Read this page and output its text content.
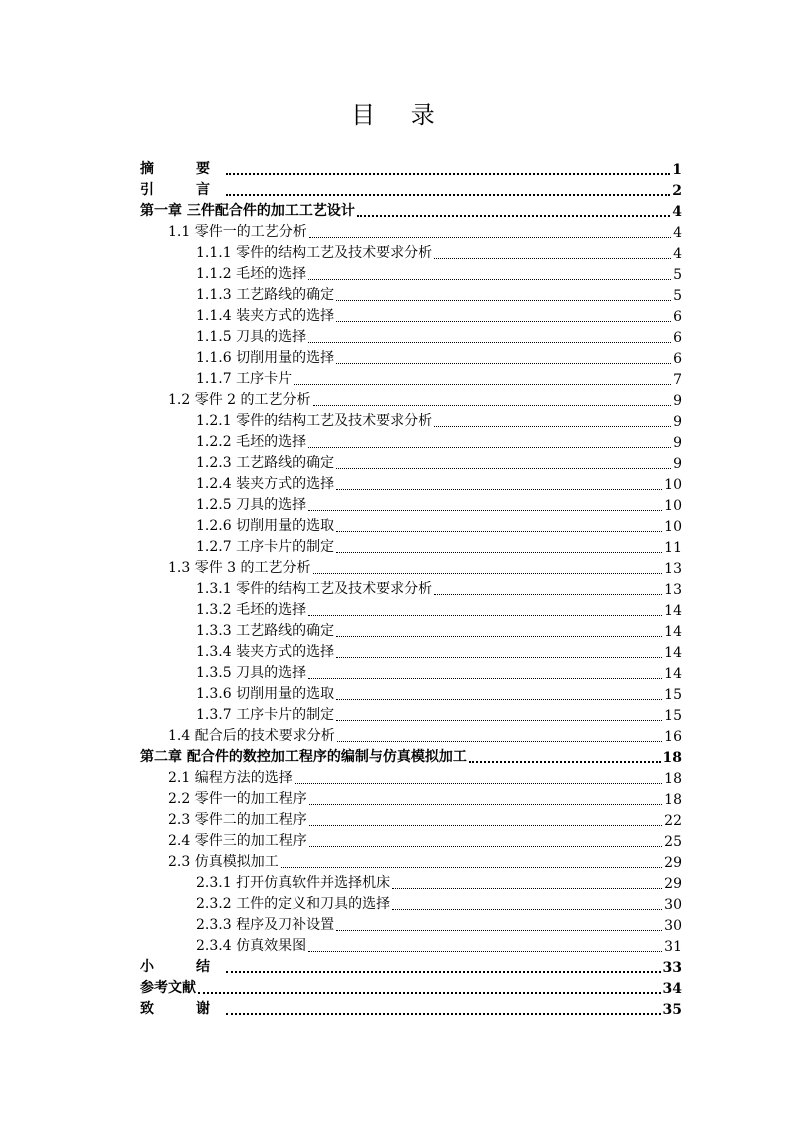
目 录
摘　要	1
引　言	2
第一章 三件配合件的加工工艺设计	4
1.1 零件一的工艺分析	4
1.1.1 零件的结构工艺及技术要求分析	4
1.1.2 毛坯的选择	5
1.1.3 工艺路线的确定	5
1.1.4 装夹方式的选择	6
1.1.5 刀具的选择	6
1.1.6 切削用量的选择	6
1.1.7 工序卡片	7
1.2 零件 2 的工艺分析	9
1.2.1 零件的结构工艺及技术要求分析	9
1.2.2 毛坯的选择	9
1.2.3 工艺路线的确定	9
1.2.4 装夹方式的选择	10
1.2.5 刀具的选择	10
1.2.6 切削用量的选取	10
1.2.7 工序卡片的制定	11
1.3 零件 3 的工艺分析	13
1.3.1 零件的结构工艺及技术要求分析	13
1.3.2 毛坯的选择	14
1.3.3 工艺路线的确定	14
1.3.4 装夹方式的选择	14
1.3.5 刀具的选择	14
1.3.6 切削用量的选取	15
1.3.7 工序卡片的制定	15
1.4 配合后的技术要求分析	16
第二章 配合件的数控加工程序的编制与仿真模拟加工	18
2.1 编程方法的选择	18
2.2 零件一的加工程序	18
2.3 零件二的加工程序	22
2.4 零件三的加工程序	25
2.3 仿真模拟加工	29
2.3.1 打开仿真软件并选择机床	29
2.3.2 工件的定义和刀具的选择	30
2.3.3 程序及刀补设置	30
2.3.4 仿真效果图	31
小　结	33
参考文献	34
致　谢	35
